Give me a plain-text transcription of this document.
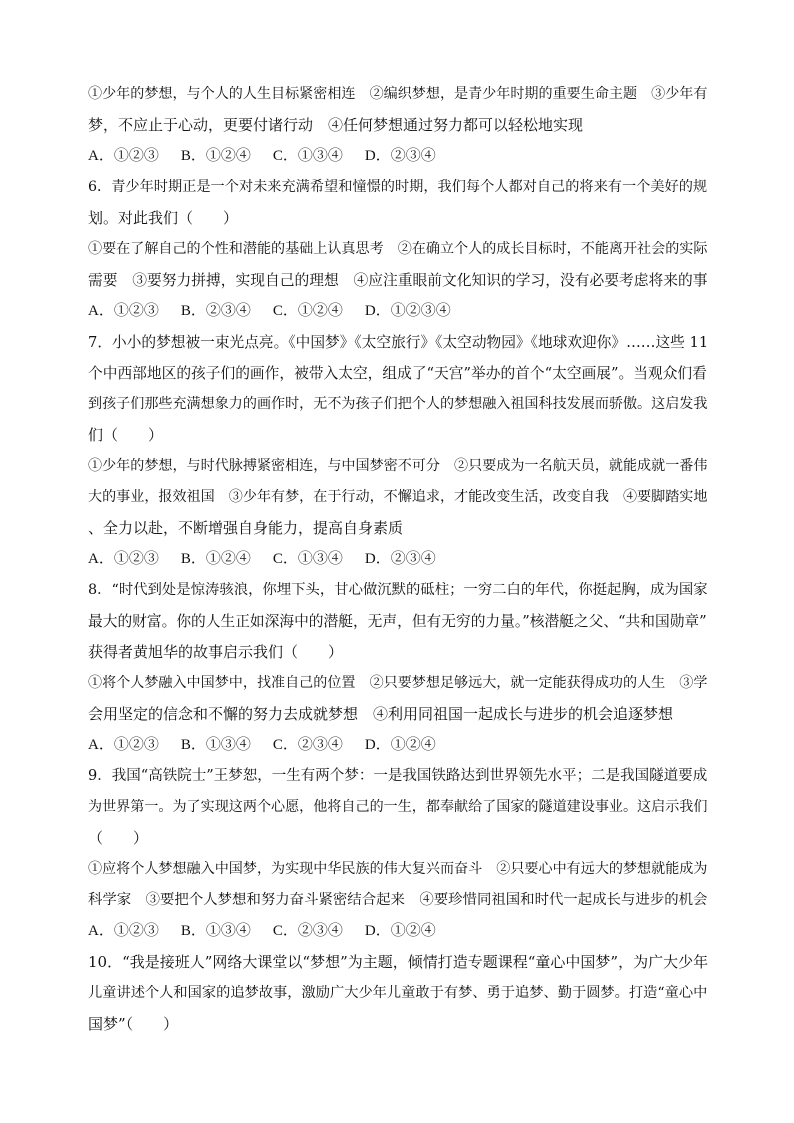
①少年的梦想，与个人的人生目标紧密相连　②编织梦想，是青少年时期的重要生命主题　③少年有
梦，不应止于心动，更要付诸行动　④任何梦想通过努力都可以轻松地实现
A．①②③ B．①②④ C．①③④ D．②③④
6．青少年时期正是一个对未来充满希望和憧憬的时期，我们每个人都对自己的将来有一个美好的规
划。对此我们（　　）
①要在了解自己的个性和潜能的基础上认真思考　②在确立个人的成长目标时，不能离开社会的实际
需要　③要努力拼搏，实现自己的理想　④应注重眼前文化知识的学习，没有必要考虑将来的事
A．①②③ B．②③④ C．①②④ D．①②③④
7．小小的梦想被一束光点亮。《中国梦》《太空旅行》《太空动物园》《地球欢迎你》……这些 11
个中西部地区的孩子们的画作，被带入太空，组成了“天宫”举办的首个“太空画展”。当观众们看
到孩子们那些充满想象力的画作时，无不为孩子们把个人的梦想融入祖国科技发展而骄傲。这启发我
们（　　）
①少年的梦想，与时代脉搏紧密相连，与中国梦密不可分　②只要成为一名航天员，就能成就一番伟
大的事业，报效祖国　③少年有梦，在于行动，不懈追求，才能改变生活，改变自我　④要脚踏实地
、全力以赴，不断增强自身能力，提高自身素质
A．①②③ B．①②④ C．①③④ D．②③④
8．“时代到处是惊涛骇浪，你埋下头，甘心做沉默的砥柱；一穷二白的年代，你挺起胸，成为国家
最大的财富。你的人生正如深海中的潜艇，无声，但有无穷的力量。”核潜艇之父、“共和国勋章”
获得者黄旭华的故事启示我们（　　）
①将个人梦融入中国梦中，找准自己的位置　②只要梦想足够远大，就一定能获得成功的人生　③学
会用坚定的信念和不懈的努力去成就梦想　④利用同祖国一起成长与进步的机会追逐梦想
A．①②③ B．①③④ C．②③④ D．①②④
9．我国“高铁院士”王梦恕，一生有两个梦：一是我国铁路达到世界领先水平；二是我国隧道要成
为世界第一。为了实现这两个心愿，他将自己的一生，都奉献给了国家的隧道建设事业。这启示我们
（　　）
①应将个人梦想融入中国梦，为实现中华民族的伟大复兴而奋斗　②只要心中有远大的梦想就能成为
科学家　③要把个人梦想和努力奋斗紧密结合起来　④要珍惜同祖国和时代一起成长与进步的机会
A．①②③ B．①③④ C．②③④ D．①②④
10．“我是接班人”网络大课堂以“梦想”为主题，倾情打造专题课程“童心中国梦”，为广大少年
儿童讲述个人和国家的追梦故事，激励广大少年儿童敢于有梦、勇于追梦、勤于圆梦。打造“童心中
国梦”（　　）
